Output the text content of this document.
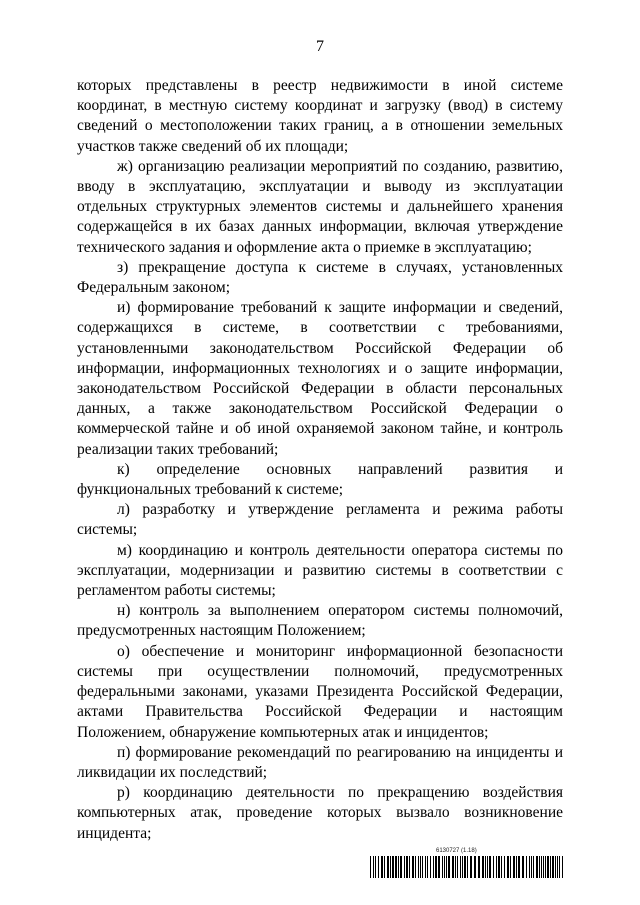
7

которых представлены в реестр недвижимости в иной системе координат, в местную систему координат и загрузку (ввод) в систему сведений о местоположении таких границ, а в отношении земельных участков также сведений об их площади;

ж) организацию реализации мероприятий по созданию, развитию, вводу в эксплуатацию, эксплуатации и выводу из эксплуатации отдельных структурных элементов системы и дальнейшего хранения содержащейся в их базах данных информации, включая утверждение технического задания и оформление акта о приемке в эксплуатацию;

з) прекращение доступа к системе в случаях, установленных Федеральным законом;

и) формирование требований к защите информации и сведений, содержащихся в системе, в соответствии с требованиями, установленными законодательством Российской Федерации об информации, информационных технологиях и о защите информации, законодательством Российской Федерации в области персональных данных, а также законодательством Российской Федерации о коммерческой тайне и об иной охраняемой законом тайне, и контроль реализации таких требований;

к) определение основных направлений развития и функциональных требований к системе;

л) разработку и утверждение регламента и режима работы системы;

м) координацию и контроль деятельности оператора системы по эксплуатации, модернизации и развитию системы в соответствии с регламентом работы системы;

н) контроль за выполнением оператором системы полномочий, предусмотренных настоящим Положением;

о) обеспечение и мониторинг информационной безопасности системы при осуществлении полномочий, предусмотренных федеральными законами, указами Президента Российской Федерации, актами Правительства Российской Федерации и настоящим Положением, обнаружение компьютерных атак и инцидентов;

п) формирование рекомендаций по реагированию на инциденты и ликвидации их последствий;

р) координацию деятельности по прекращению воздействия компьютерных атак, проведение которых вызвало возникновение инцидента;

6130727 (1.18)
